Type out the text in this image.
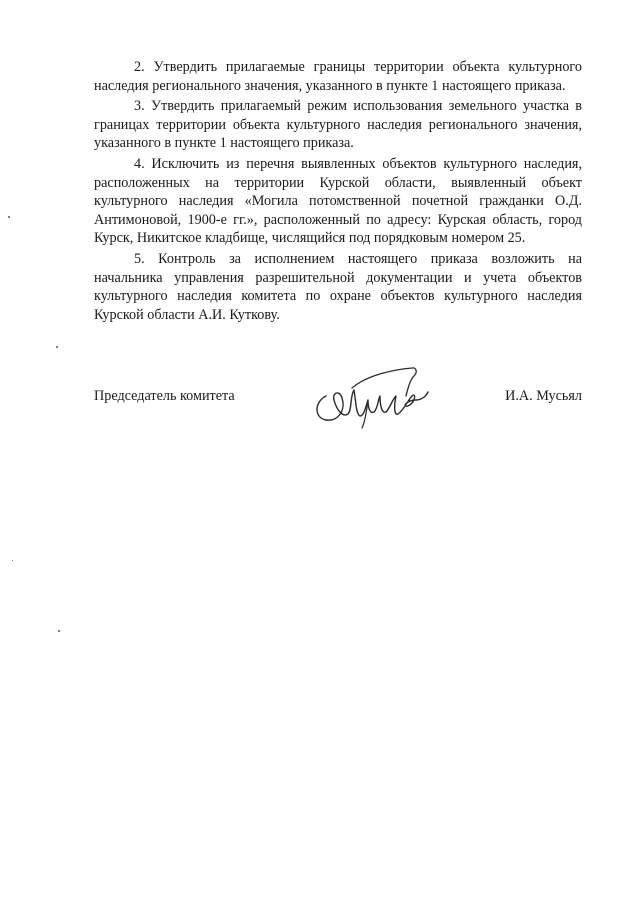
2. Утвердить прилагаемые границы территории объекта культурного наследия регионального значения, указанного в пункте 1 настоящего приказа.

3. Утвердить прилагаемый режим использования земельного участка в границах территории объекта культурного наследия регионального значения, указанного в пункте 1 настоящего приказа.

4. Исключить из перечня выявленных объектов культурного наследия, расположенных на территории Курской области, выявленный объект культурного наследия «Могила потомственной почетной гражданки О.Д. Антимоновой, 1900-е гг.», расположенный по адресу: Курская область, город Курск, Никитское кладбище, числящийся под порядковым номером 25.

5. Контроль за исполнением настоящего приказа возложить на начальника управления разрешительной документации и учета объектов культурного наследия комитета по охране объектов культурного наследия Курской области А.И. Куткову.

Председатель комитета	И.А. Мусьял
